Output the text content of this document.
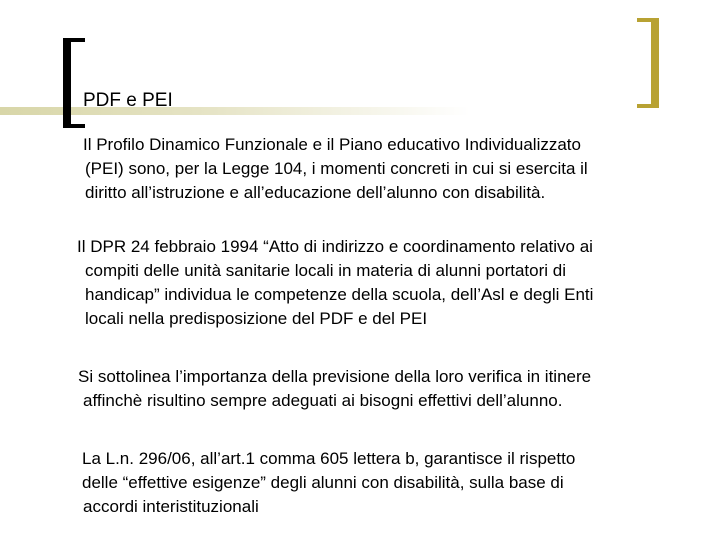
PDF e PEI
Il Profilo Dinamico Funzionale e il Piano educativo Individualizzato
(PEI) sono, per la Legge 104, i momenti concreti in cui si esercita il
diritto all’istruzione e all’educazione dell’alunno con disabilità.
Il DPR 24 febbraio 1994 “Atto di indirizzo e coordinamento relativo ai
compiti delle unità sanitarie locali in materia di alunni portatori di
handicap” individua le competenze della scuola, dell’Asl e degli Enti
locali nella predisposizione del PDF e del PEI
Si sottolinea l’importanza della previsione della loro verifica in itinere
affinchè risultino sempre adeguati ai bisogni effettivi dell’alunno.
La L.n. 296/06, all’art.1 comma 605 lettera b, garantisce il rispetto
delle “effettive esigenze” degli alunni con disabilità, sulla base di
accordi interistituzionali
